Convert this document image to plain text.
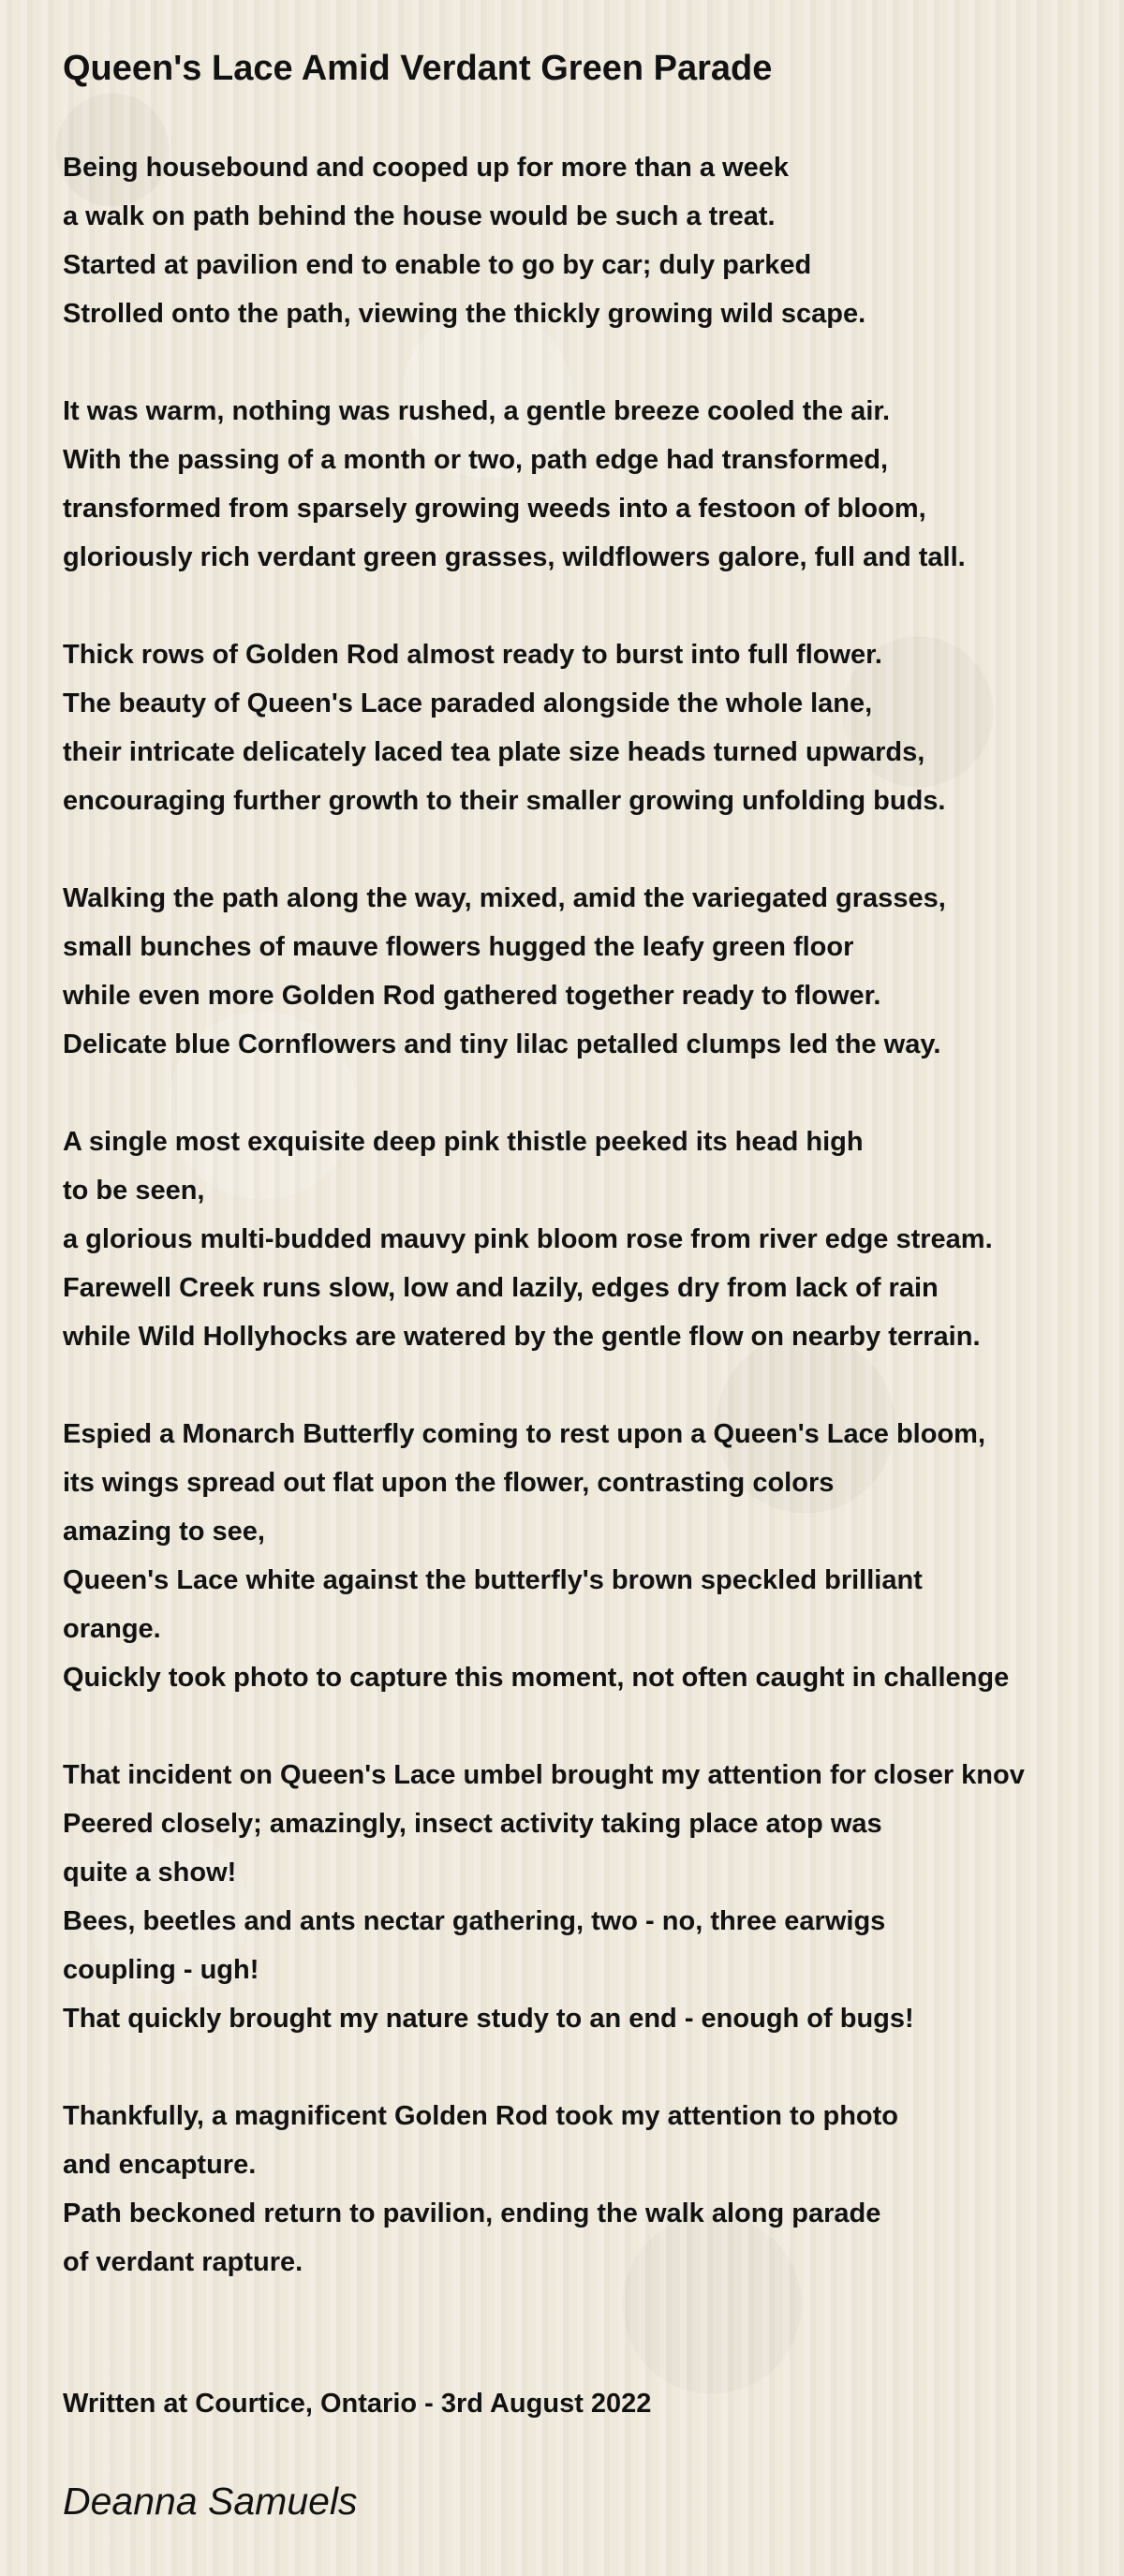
Queen's Lace Amid Verdant Green Parade
Being housebound and cooped up for more than a week
a walk on path behind the house would be such a treat.
Started at pavilion end to enable to go by car; duly parked
Strolled onto the path, viewing the thickly growing wild scape.
It was warm, nothing was rushed, a gentle breeze cooled the air.
With the passing of a month or two, path edge had transformed,
transformed from sparsely growing weeds into a festoon of bloom,
gloriously rich verdant green grasses, wildflowers galore, full and tall.
Thick rows of Golden Rod almost ready to burst into full flower.
The beauty of Queen's Lace paraded alongside the whole lane,
their intricate delicately laced tea plate size heads turned upwards,
encouraging further growth to their smaller growing unfolding buds.
Walking the path along the way, mixed, amid the variegated grasses,
small bunches of mauve flowers hugged the leafy green floor
while even more Golden Rod gathered together ready to flower.
Delicate blue Cornflowers and tiny lilac petalled clumps led the way.
A single most exquisite deep pink thistle peeked its head high
to be seen,
a glorious multi-budded mauvy pink bloom rose from river edge stream.
Farewell Creek runs slow, low and lazily, edges dry from lack of rain
while Wild Hollyhocks are watered by the gentle flow on nearby terrain.
Espied a Monarch Butterfly coming to rest upon a Queen's Lace bloom,
its wings spread out flat upon the flower, contrasting colors
amazing to see,
Queen's Lace white against the butterfly's brown speckled brilliant
orange.
Quickly took photo to capture this moment, not often caught in challenge
That incident on Queen's Lace umbel brought my attention for closer knov
Peered closely; amazingly, insect activity taking place atop was
quite a show!
Bees, beetles and ants nectar gathering, two - no, three earwigs
coupling - ugh!
That quickly brought my nature study to an end - enough of bugs!
Thankfully, a magnificent Golden Rod took my attention to photo
and encapture.
Path beckoned return to pavilion, ending the walk along parade
of verdant rapture.

Written at Courtice, Ontario - 3rd August 2022

Deanna Samuels
